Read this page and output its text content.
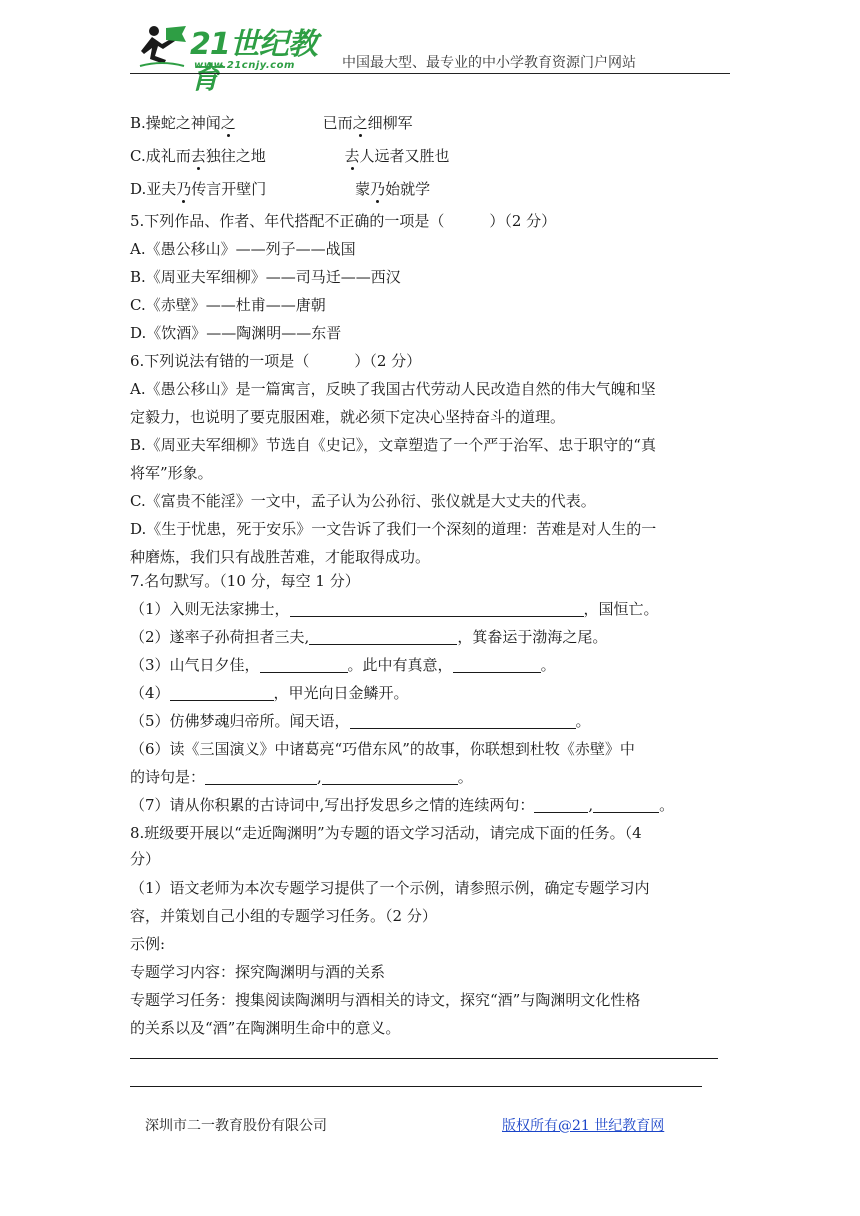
21世纪教育
www.21cnjy.com	中国最大型、最专业的中小学教育资源门户网站
B.操蛇之神闻之	已而之细柳军
C.成礼而去独往之地	去人远者又胜也
D.亚夫乃传言开壁门	蒙乃始就学
5.下列作品、作者、年代搭配不正确的一项是（　　　）（2 分）
A.《愚公移山》——列子——战国
B.《周亚夫军细柳》——司马迁——西汉
C.《赤壁》——杜甫——唐朝
D.《饮酒》——陶渊明——东晋
6.下列说法有错的一项是（　　　）（2 分）
A.《愚公移山》是一篇寓言，反映了我国古代劳动人民改造自然的伟大气魄和坚
定毅力，也说明了要克服困难，就必须下定决心坚持奋斗的道理。
B.《周亚夫军细柳》节选自《史记》，文章塑造了一个严于治军、忠于职守的“真
将军”形象。
C.《富贵不能淫》一文中，孟子认为公孙衍、张仪就是大丈夫的代表。
D.《生于忧患，死于安乐》一文告诉了我们一个深刻的道理：苦难是对人生的一
种磨炼，我们只有战胜苦难，才能取得成功。
7.名句默写。（10 分，每空 1 分）
（1）入则无法家拂士，	，国恒亡。
（2）遂率子孙荷担者三夫,	，箕畚运于渤海之尾。
（3）山气日夕佳，	。此中有真意，	。
（4）	，甲光向日金鳞开。
（5）仿佛梦魂归帝所。闻天语，	。
（6）读《三国演义》中诸葛亮“巧借东风”的故事，你联想到杜牧《赤壁》中
的诗句是：	,	。
（7）请从你积累的古诗词中,写出抒发思乡之情的连续两句：	,	。
8.班级要开展以“走近陶渊明”为专题的语文学习活动，请完成下面的任务。（4
分）
（1）语文老师为本次专题学习提供了一个示例，请参照示例，确定专题学习内
容，并策划自己小组的专题学习任务。（2 分）
示例:
专题学习内容：探究陶渊明与酒的关系
专题学习任务：搜集阅读陶渊明与酒相关的诗文，探究“酒”与陶渊明文化性格
的关系以及“酒”在陶渊明生命中的意义。
深圳市二一教育股份有限公司	版权所有@21 世纪教育网
